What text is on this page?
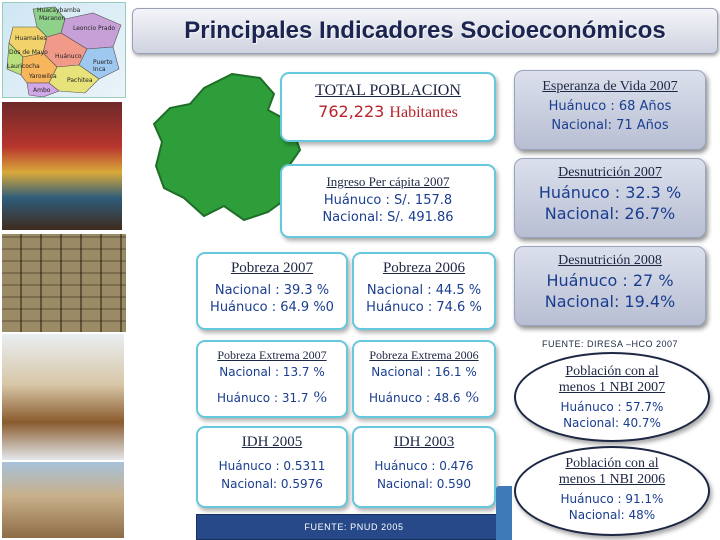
Principales Indicadores Socioeconómicos
Maranon
Leoncio Prado
Puerto Inca
Huánuco
Pachitea
Lauricocha
Ambo
Yarowilca
Dos de Mayo
Huamalies
Huacaybamba
TOTAL POBLACION
762,223 Habitantes
Ingreso Per cápita 2007
Huánuco : S/. 157.8
Nacional: S/. 491.86
Pobreza 2007
Nacional : 39.3 %
Huánuco : 64.9 %0
Pobreza 2006
Nacional : 44.5 %
Huánuco : 74.6 %
Pobreza Extrema 2007
Nacional : 13.7 %
Huánuco : 31.7 %
Pobreza Extrema 2006
Nacional : 16.1 %
Huánuco : 48.6 %
IDH 2005
Huánuco : 0.5311
Nacional: 0.5976
IDH 2003
Huánuco : 0.476
Nacional: 0.590
FUENTE: PNUD 2005
Esperanza de Vida 2007
Huánuco : 68 Años
Nacional: 71 Años
Desnutrición 2007
Huánuco : 32.3 %
Nacional: 26.7%
Desnutrición 2008
Huánuco : 27 %
Nacional: 19.4%
FUENTE: DIRESA –HCO 2007
Población con al
menos 1 NBI 2007
Huánuco : 57.7%
Nacional: 40.7%
Población con al
menos 1 NBI 2006
Huánuco : 91.1%
Nacional: 48%
